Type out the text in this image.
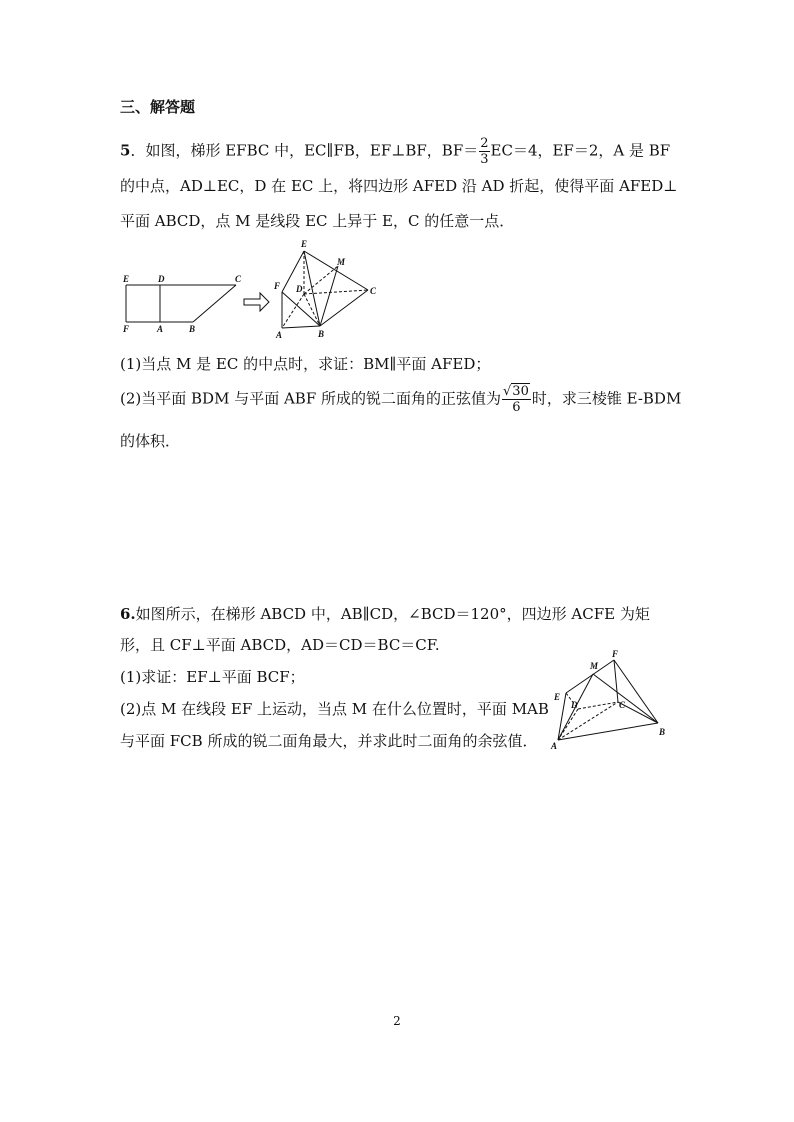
三、解答题
5．如图，梯形 EFBC 中，EC∥FB，EF⊥BF，$BF= \frac{2}{3} EC=4$，EF＝2，A 是 BF
的中点，AD⊥EC，D 在 EC 上，将四边形 AFED 沿 AD 折起，使得平面 AFED⊥
平面 ABCD，点 M 是线段 EC 上异于 E，C 的任意一点．
E	D	C
F	A	B
E
M
D	C
F
A	B
(1)当点 M 是 EC 的中点时，求证：BM∥平面 AFED；
(2)当平面 BDM 与平面 ABF 所成的锐二面角的正弦值为 $\frac{√30}{6}$ 时，求三棱锥 E-BDM
的体积．
6.如图所示，在梯形 ABCD 中，AB∥CD，∠BCD＝120°，四边形 ACFE 为矩
形，且 CF⊥平面 ABCD，AD＝CD＝BC＝CF.
(1)求证：EF⊥平面 BCF；
(2)点 M 在线段 EF 上运动，当点 M 在什么位置时，平面 MAB
与平面 FCB 所成的锐二面角最大，并求此时二面角的余弦值．
M
F
E
D	C
A
B
2
